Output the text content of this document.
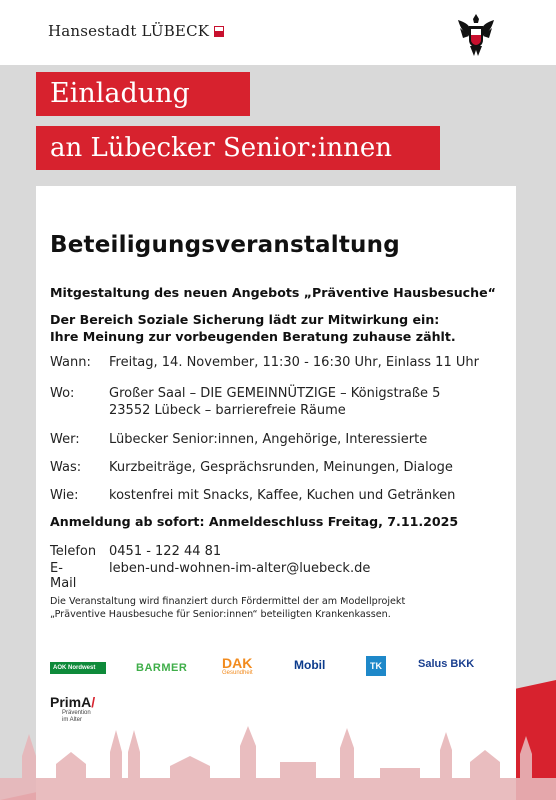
Hansestadt LÜBECK
Einladung
an Lübecker Senior:innen
Beteiligungsveranstaltung
Mitgestaltung des neuen Angebots „Präventive Hausbesuche“
Der Bereich Soziale Sicherung lädt zur Mitwirkung ein:
Ihre Meinung zur vorbeugenden Beratung zuhause zählt.
Wann: Freitag, 14. November, 11:30 - 16:30 Uhr, Einlass 11 Uhr
Wo:	Großer Saal – DIE GEMEINNÜTZIGE – Königstraße 5
23552 Lübeck – barrierefreie Räume
Wer: Lübecker Senior:innen, Angehörige, Interessierte
Was: Kurzbeiträge, Gesprächsrunden, Meinungen, Dialoge
Wie: kostenfrei mit Snacks, Kaffee, Kuchen und Getränken
Anmeldung ab sofort: Anmeldeschluss Freitag, 7.11.2025
Telefon 0451 - 122 44 81
E-Mail
leben-und-wohnen-im-alter@luebeck.de
Die Veranstaltung wird finanziert durch Fördermittel der am Modellprojekt
„Präventive Hausbesuche für Senior:innen“ beteiligten Krankenkassen.
AOK Nordwest	BARMER DAK
Gesundheit
Mobil	TK	Salus BKK
PrimA/
Prävention
im Alter
